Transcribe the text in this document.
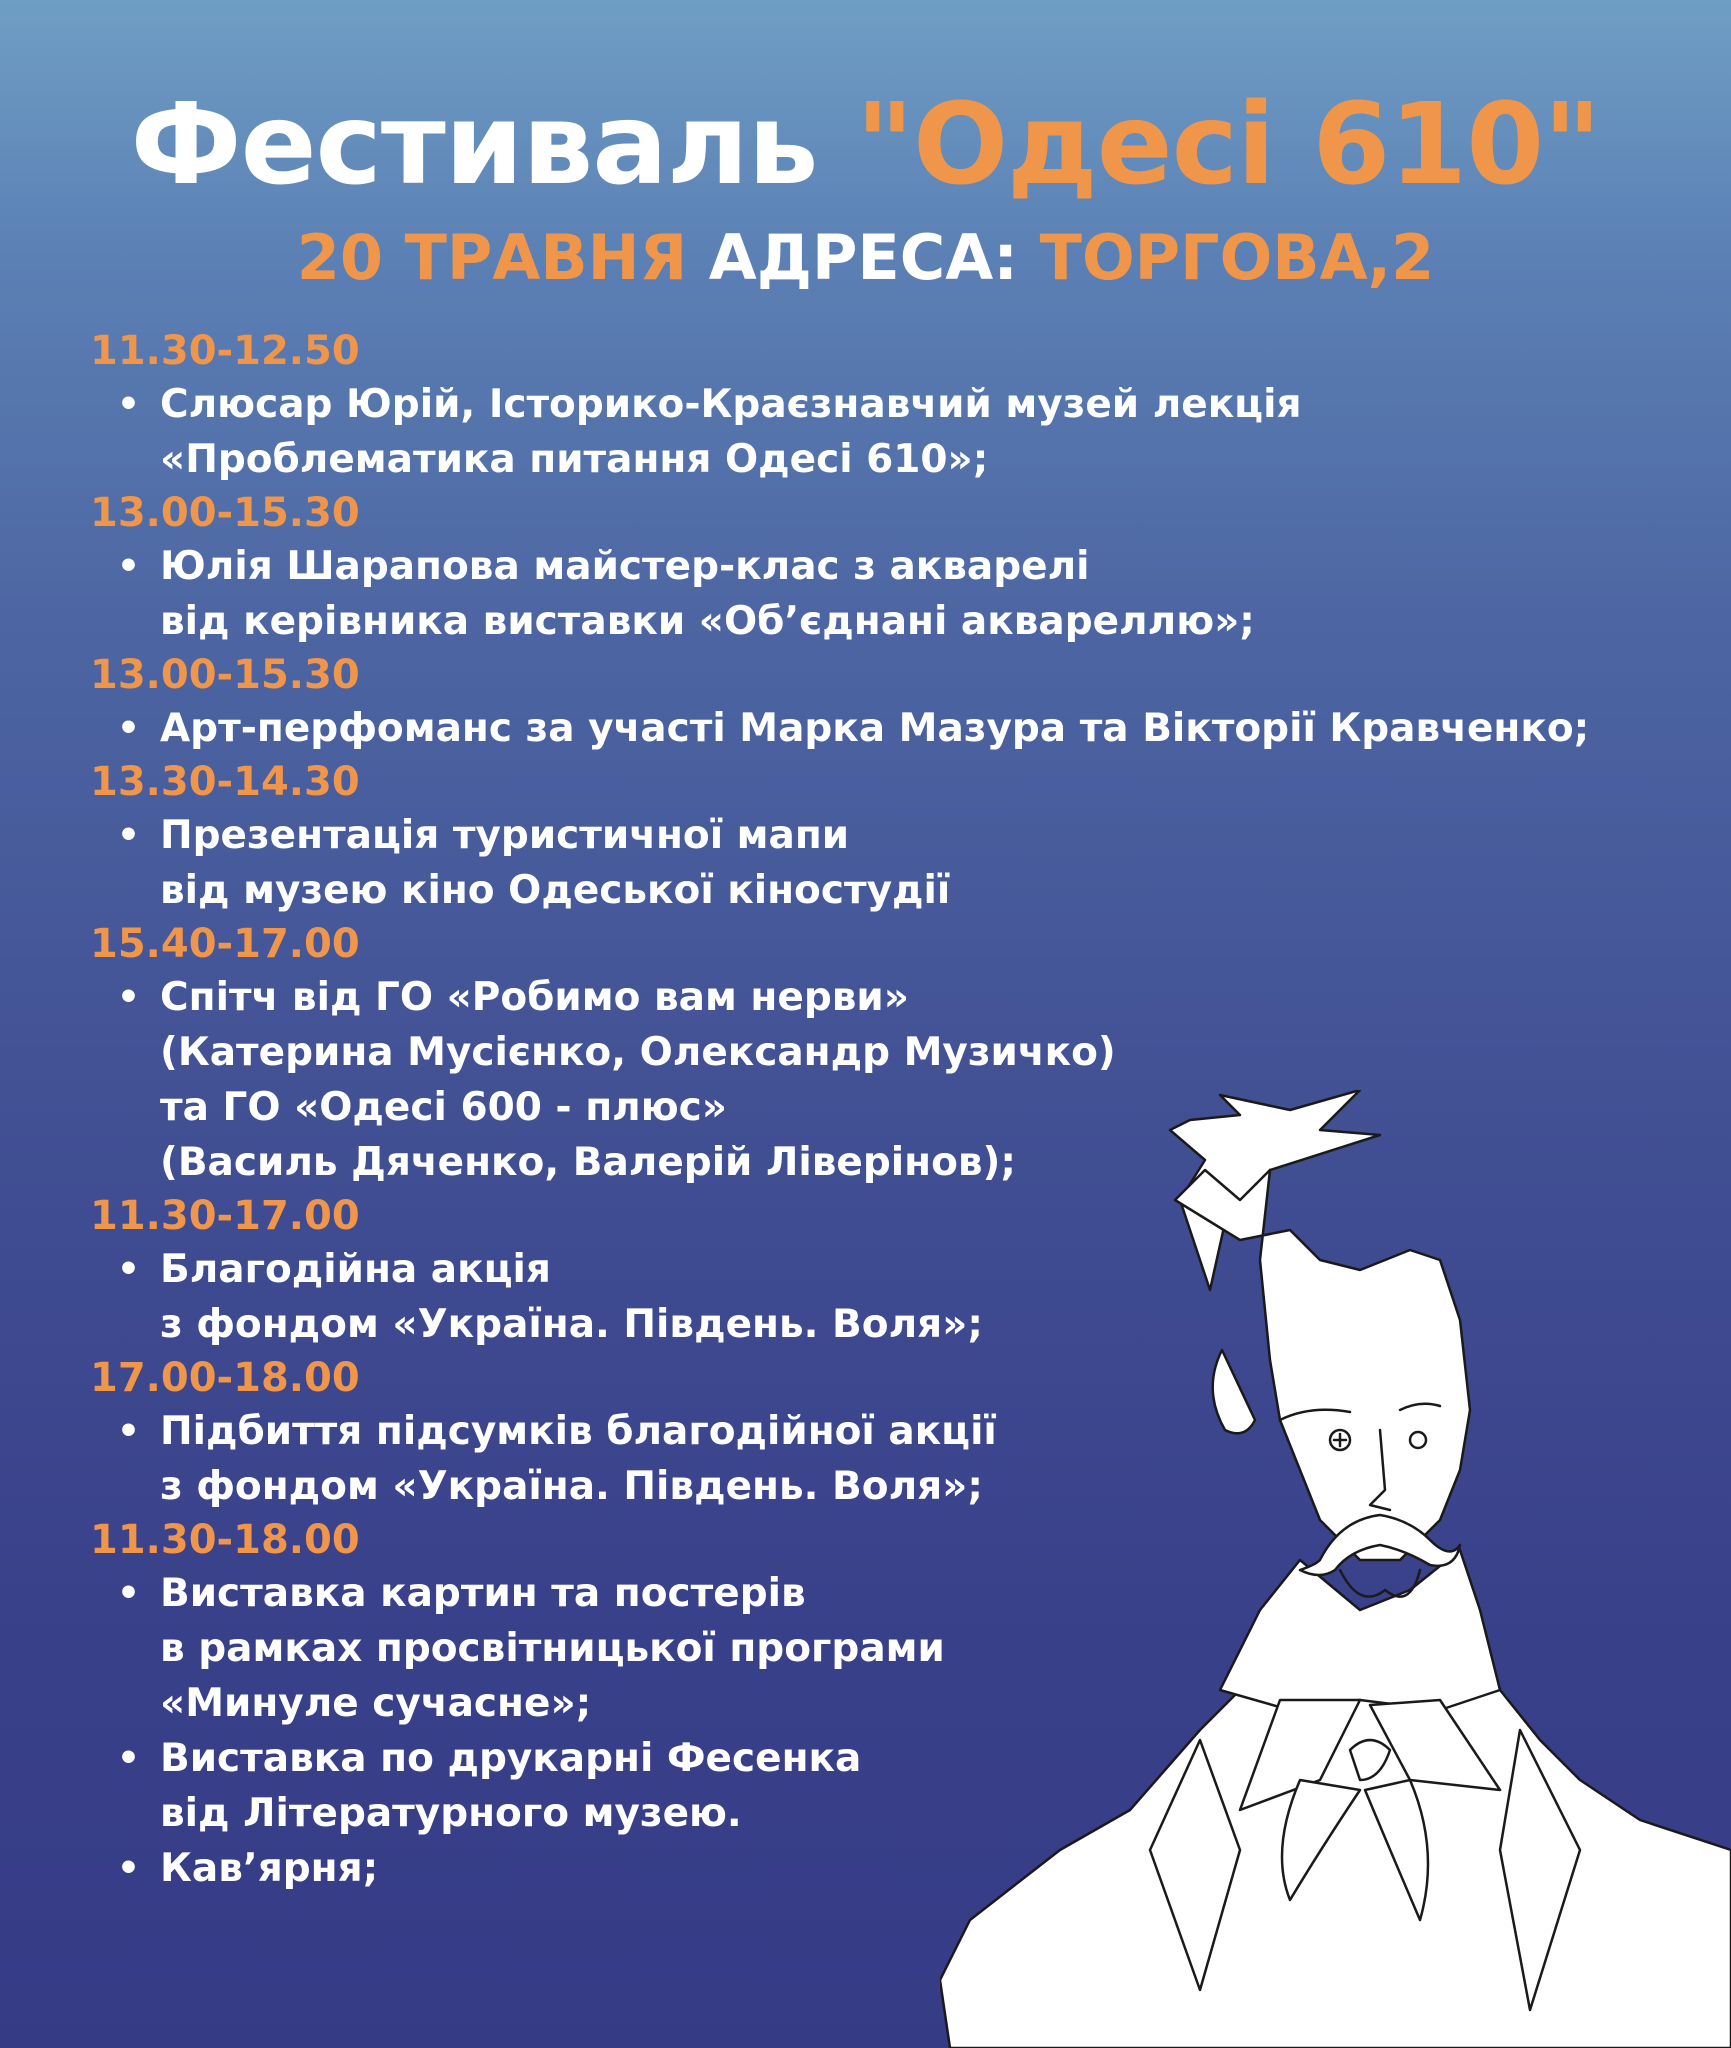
Фестиваль "Одесі 610"
20 ТРАВНЯ АДРЕСА: ТОРГОВА,2
11.30-12.50
• Слюсар Юрій, Історико-Краєзнавчий музей лекція
«Проблематика питання Одесі 610»;
13.00-15.30
• Юлія Шарапова майстер-клас з акварелі
від керівника виставки «Об’єднані аквареллю»;
13.00-15.30
• Арт-перфоманс за участі Марка Мазура та Вікторії Кравченко;
13.30-14.30
• Презентація туристичної мапи
від музею кіно Одеської кіностудії
15.40-17.00
• Спітч від ГО «Робимо вам нерви»
(Катерина Мусієнко, Олександр Музичко)
та ГО «Одесі 600 - плюс»
(Василь Дяченко, Валерій Ліверінов);
11.30-17.00
• Благодійна акція
з фондом «Україна. Південь. Воля»;
17.00-18.00
• Підбиття підсумків благодійної акції
з фондом «Україна. Південь. Воля»;
11.30-18.00
• Виставка картин та постерів
в рамках просвітницької програми
«Минуле сучасне»;
• Виставка по друкарні Фесенка
від Літературного музею.
• Кав’ярня;
